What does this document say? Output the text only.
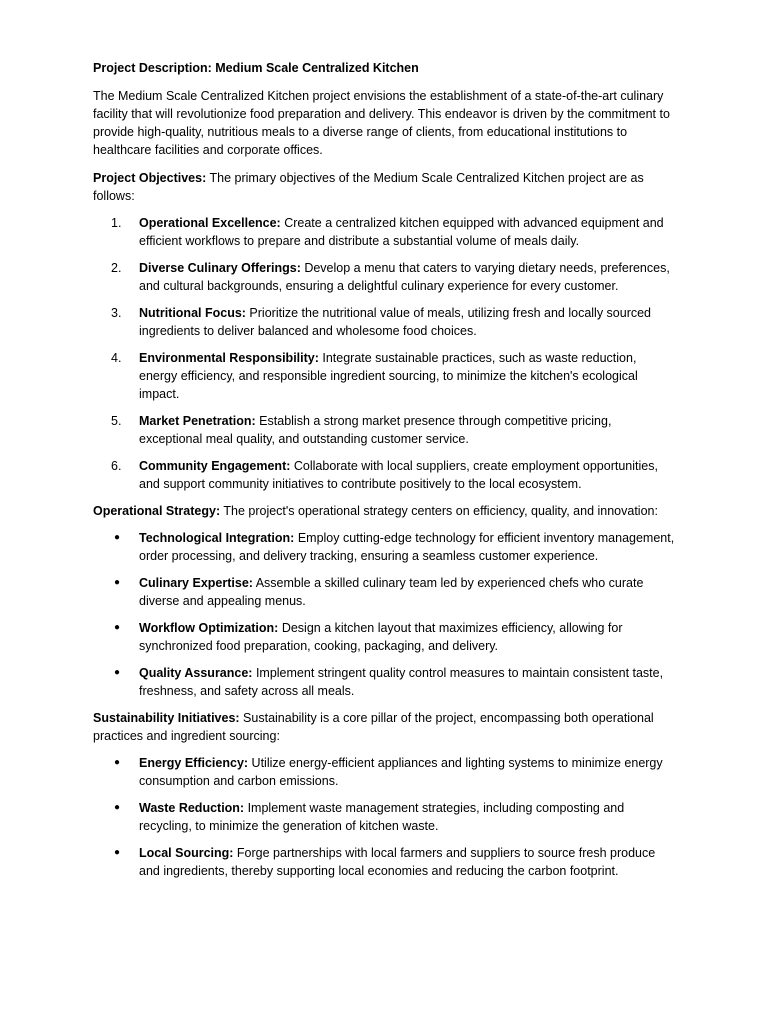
Project Description: Medium Scale Centralized Kitchen

The Medium Scale Centralized Kitchen project envisions the establishment of a state-of-the-art culinary facility that will revolutionize food preparation and delivery. This endeavor is driven by the commitment to provide high-quality, nutritious meals to a diverse range of clients, from educational institutions to healthcare facilities and corporate offices.

Project Objectives: The primary objectives of the Medium Scale Centralized Kitchen project are as follows:

1.	Operational Excellence: Create a centralized kitchen equipped with advanced equipment and efficient workflows to prepare and distribute a substantial volume of meals daily.
2.	Diverse Culinary Offerings: Develop a menu that caters to varying dietary needs, preferences, and cultural backgrounds, ensuring a delightful culinary experience for every customer.
3.	Nutritional Focus: Prioritize the nutritional value of meals, utilizing fresh and locally sourced ingredients to deliver balanced and wholesome food choices.
4.	Environmental Responsibility: Integrate sustainable practices, such as waste reduction, energy efficiency, and responsible ingredient sourcing, to minimize the kitchen's ecological impact.
5.	Market Penetration: Establish a strong market presence through competitive pricing, exceptional meal quality, and outstanding customer service.
6.	Community Engagement: Collaborate with local suppliers, create employment opportunities, and support community initiatives to contribute positively to the local ecosystem.

Operational Strategy: The project's operational strategy centers on efficiency, quality, and innovation:

●	Technological Integration: Employ cutting-edge technology for efficient inventory management, order processing, and delivery tracking, ensuring a seamless customer experience.
●	Culinary Expertise: Assemble a skilled culinary team led by experienced chefs who curate diverse and appealing menus.
●	Workflow Optimization: Design a kitchen layout that maximizes efficiency, allowing for synchronized food preparation, cooking, packaging, and delivery.
●	Quality Assurance: Implement stringent quality control measures to maintain consistent taste, freshness, and safety across all meals.

Sustainability Initiatives: Sustainability is a core pillar of the project, encompassing both operational practices and ingredient sourcing:

●	Energy Efficiency: Utilize energy-efficient appliances and lighting systems to minimize energy consumption and carbon emissions.
●	Waste Reduction: Implement waste management strategies, including composting and recycling, to minimize the generation of kitchen waste.
●	Local Sourcing: Forge partnerships with local farmers and suppliers to source fresh produce and ingredients, thereby supporting local economies and reducing the carbon footprint.
